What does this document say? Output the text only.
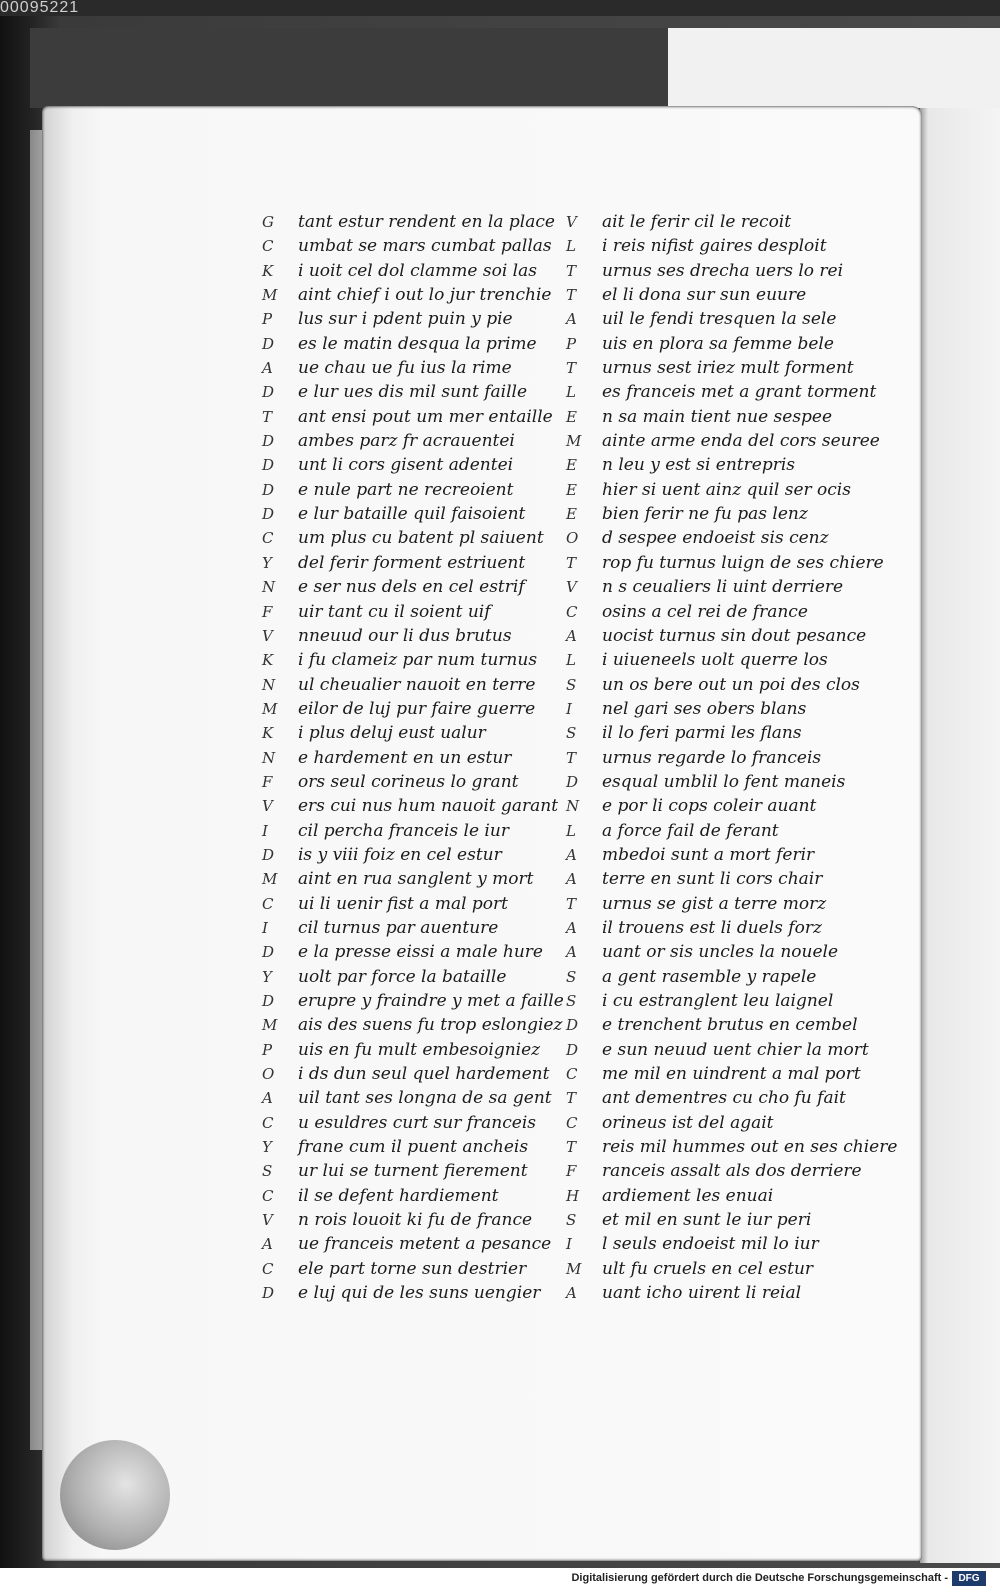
00095221
G tant estur rendent en la place
C umbat se mars cumbat pallas
K i uoit cel dol clamme soi las
M aint chief i out lo jur trenchie
P lus sur i pdent puin y pie
D es le matin desqua la prime
A ue chau ue fu ius la rime
D e lur ues dis mil sunt faille
T ant ensi pout um mer entaille
D ambes parz fr acrauentei
D unt li cors gisent adentei
D e nule part ne recreoient
D e lur bataille quil faisoient
C um plus cu batent pl saiuent
Y del ferir forment estriuent
N e ser nus dels en cel estrif
F uir tant cu il soient uif
V nneuud our li dus brutus
K i fu clameiz par num turnus
N ul cheualier nauoit en terre
M eilor de luj pur faire guerre
K i plus deluj eust ualur
N e hardement en un estur
F ors seul corineus lo grant
V ers cui nus hum nauoit garant
I cil percha franceis le iur
D is y viii foiz en cel estur
M aint en rua sanglent y mort
C ui li uenir fist a mal port
I cil turnus par auenture
D e la presse eissi a male hure
Y uolt par force la bataille
D erupre y fraindre y met a faille
M ais des suens fu trop eslongiez
P uis en fu mult embesoigniez
O i ds dun seul quel hardement
A uil tant ses longna de sa gent
C u esuldres curt sur franceis
Y frane cum il puent ancheis
S ur lui se turnent fierement
C il se defent hardiement
V n rois louoit ki fu de france
A ue franceis metent a pesance
C ele part torne sun destrier
D e luj qui de les suns uengier
V ait le ferir cil le recoit
L i reis nifist gaires desploit
T urnus ses drecha uers lo rei
T el li dona sur sun euure
A uil le fendi tresquen la sele
P uis en plora sa femme bele
T urnus sest iriez mult forment
L es franceis met a grant torment
E n sa main tient nue sespee
M ainte arme enda del cors seuree
E n leu y est si entrepris
E hier si uent ainz quil ser ocis
E bien ferir ne fu pas lenz
O d sespee endoeist sis cenz
T rop fu turnus luign de ses chiere
V n s ceualiers li uint derriere
C osins a cel rei de france
A uocist turnus sin dout pesance
L i uiueneels uolt querre los
S un os bere out un poi des clos
I nel gari ses obers blans
S il lo feri parmi les flans
T urnus regarde lo franceis
D esqual umblil lo fent maneis
N e por li cops coleir auant
L a force fail de ferant
A mbedoi sunt a mort ferir
A terre en sunt li cors chair
T urnus se gist a terre morz
A il trouens est li duels forz
A uant or sis uncles la nouele
S a gent rasemble y rapele
S i cu estranglent leu laignel
D e trenchent brutus en cembel
D e sun neuud uent chier la mort
C me mil en uindrent a mal port
T ant dementres cu cho fu fait
C orineus ist del agait
T reis mil hummes out en ses chiere
F ranceis assalt als dos derriere
H ardiement les enuai
S et mil en sunt le iur peri
I l seuls endoeist mil lo iur
M ult fu cruels en cel estur
A uant icho uirent li reial
Digitalisierung gefördert durch die Deutsche Forschungsgemeinschaft -	DFG
